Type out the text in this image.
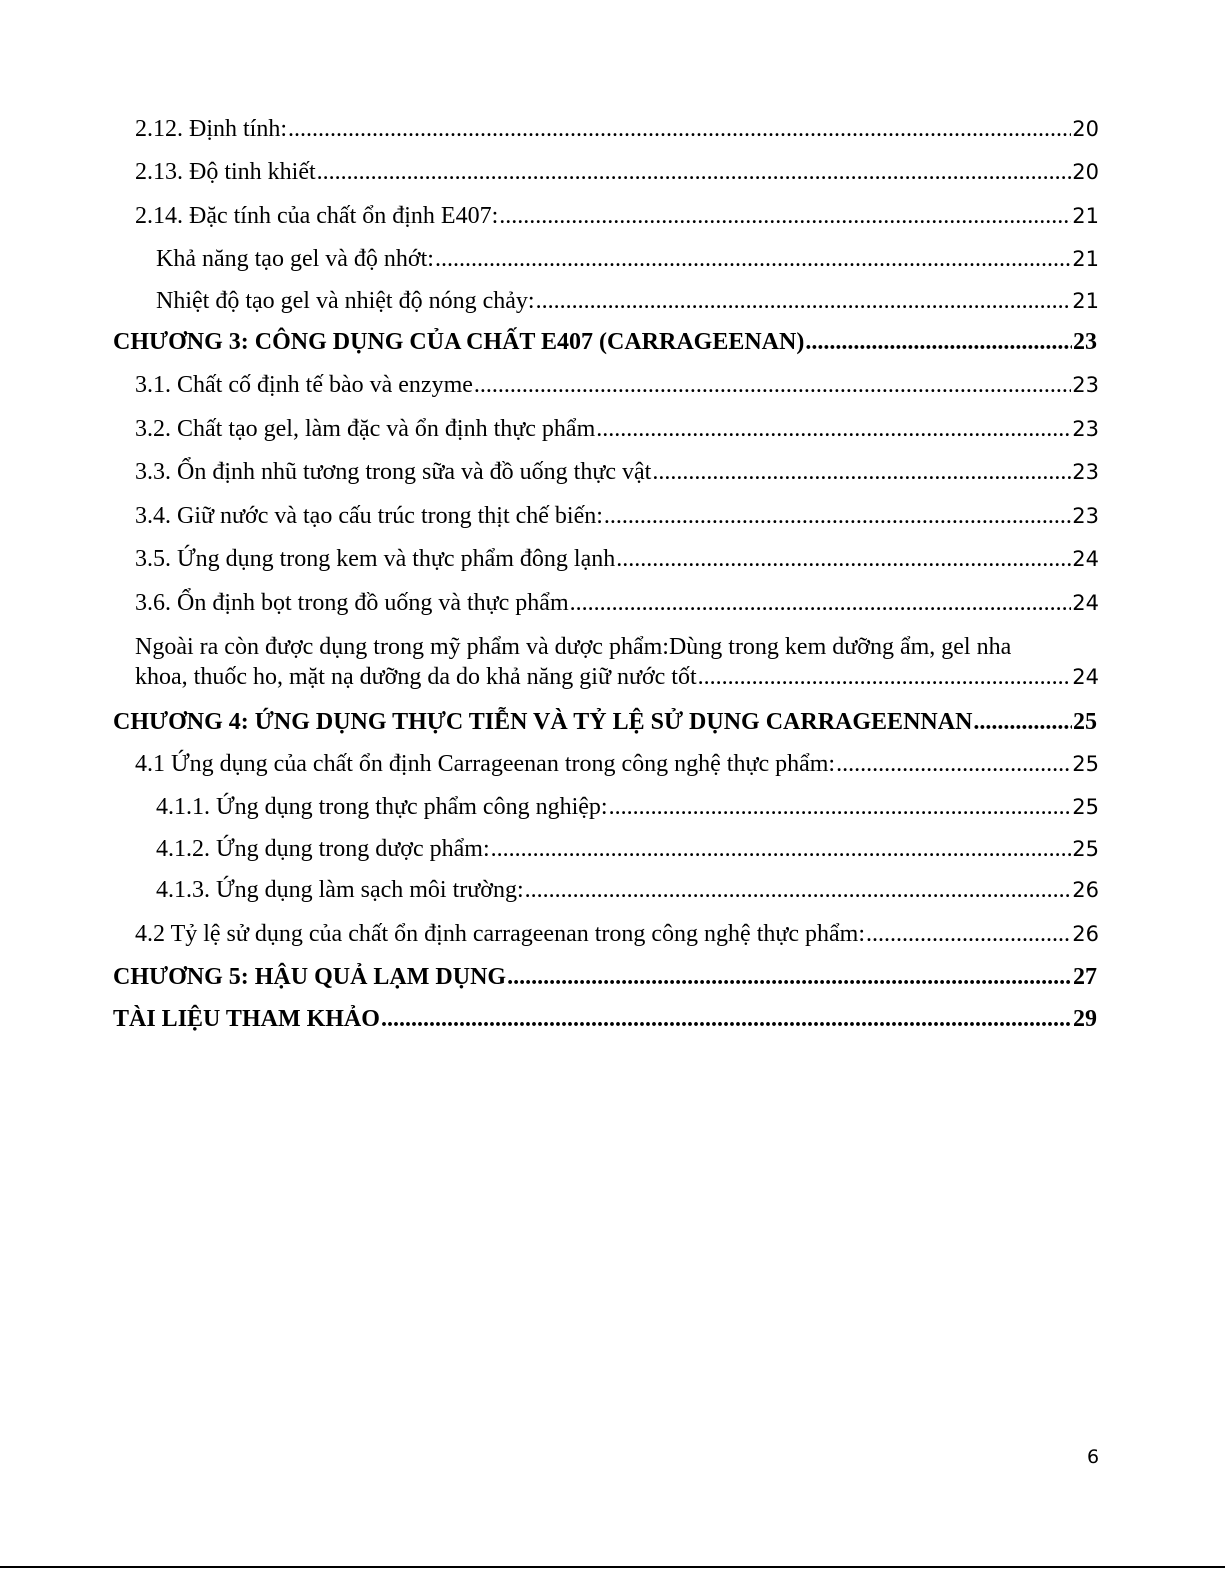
2.12. Định tính: .....	20
2.13. Độ tinh khiết .....	20
2.14. Đặc tính của chất ổn định E407: .....	21
Khả năng tạo gel và độ nhớt: .....	21
Nhiệt độ tạo gel và nhiệt độ nóng chảy: .....	21
CHƯƠNG 3: CÔNG DỤNG CỦA CHẤT E407 (CARRAGEENAN) .....	23
3.1. Chất cố định tế bào và enzyme .....	23
3.2. Chất tạo gel, làm đặc và ổn định thực phẩm .....	23
3.3. Ổn định nhũ tương trong sữa và đồ uống thực vật .....	23
3.4. Giữ nước và tạo cấu trúc trong thịt chế biến: .....	23
3.5. Ứng dụng trong kem và thực phẩm đông lạnh .....	24
3.6. Ổn định bọt trong đồ uống và thực phẩm .....	24
Ngoài ra còn được dụng trong mỹ phẩm và dược phẩm:Dùng trong kem dưỡng ẩm, gel nha
khoa, thuốc ho, mặt nạ dưỡng da do khả năng giữ nước tốt .....	24
CHƯƠNG 4: ỨNG DỤNG THỰC TIỄN VÀ TỶ LỆ SỬ DỤNG CARRAGEENNAN .....	25
4.1 Ứng dụng của chất ổn định Carrageenan trong công nghệ thực phẩm: .....	25
4.1.1. Ứng dụng trong thực phẩm công nghiệp: .....	25
4.1.2. Ứng dụng trong dược phẩm: .....	25
4.1.3. Ứng dụng làm sạch môi trường: .....	26
4.2 Tỷ lệ sử dụng của chất ổn định carrageenan trong công nghệ thực phẩm: .....	26
CHƯƠNG 5: HẬU QUẢ LẠM DỤNG .....	27
TÀI LIỆU THAM KHẢO .....	29
6
